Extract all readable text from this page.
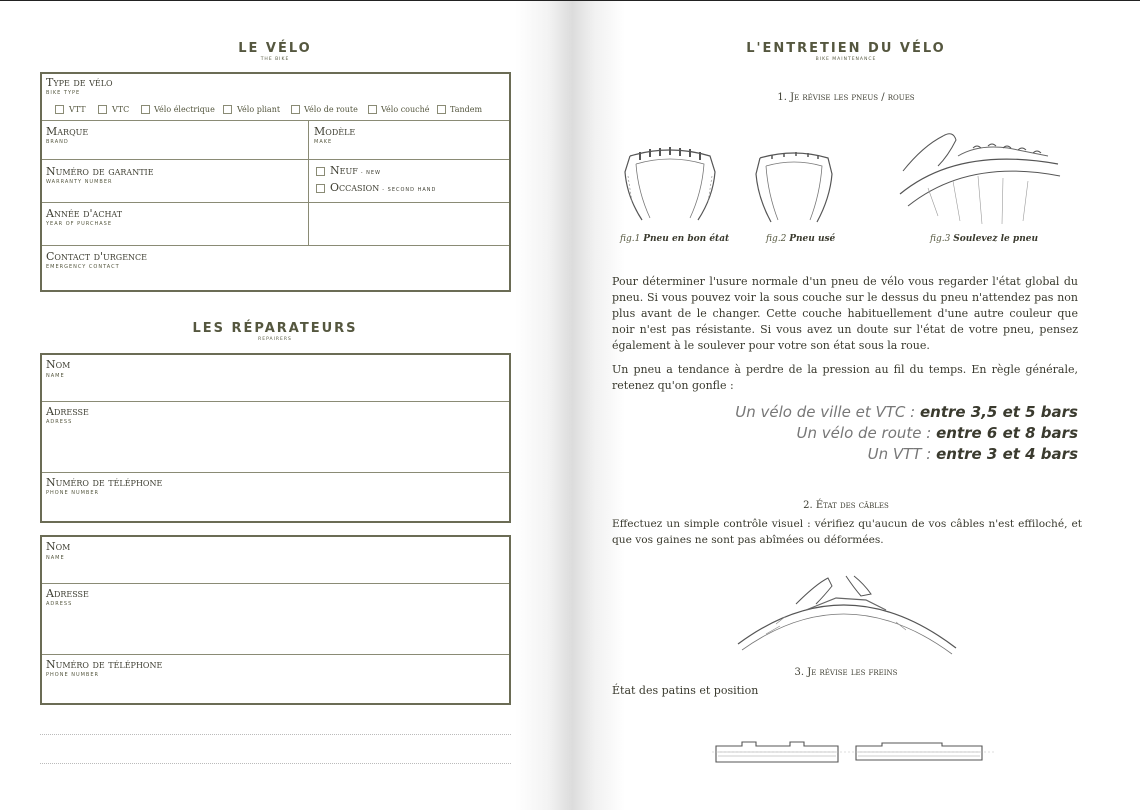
LE VÉLO
THE BIKE
Type de vélo
BIKE TYPE
VTT	VTC	Vélo électrique	Vélo pliant	Vélo de route	Vélo couché	Tandem
Marque
BRAND
Modèle
MAKE
Numéro de garantie
WARRANTY NUMBER
Neuf - NEW
Occasion - SECOND HAND
Année d'achat
YEAR OF PURCHASE
Contact d'urgence
EMERGENCY CONTACT
LES RÉPARATEURS
REPAIRERS
Nom
NAME
Adresse
ADRESS
Numéro de téléphone
PHONE NUMBER
Nom
NAME
Adresse
ADRESS
Numéro de téléphone
PHONE NUMBER
L'ENTRETIEN DU VÉLO
BIKE MAINTENANCE
1. Je révise les pneus / roues
fig.1 Pneu en bon état	fig.2 Pneu usé	fig.3 Soulevez le pneu
Pour déterminer l'usure normale d'un pneu de vélo vous regarder l'état global du pneu. Si vous pouvez voir la sous couche sur le dessus du pneu n'attendez pas non plus avant de le changer. Cette couche habituellement d'une autre couleur que noir n'est pas résistante. Si vous avez un doute sur l'état de votre pneu, pensez également à le soulever pour votre son état sous la roue.
Un pneu a tendance à perdre de la pression au fil du temps. En règle générale, retenez qu'on gonfle :
Un vélo de ville et VTC : entre 3,5 et 5 bars
Un vélo de route : entre 6 et 8 bars
Un VTT : entre 3 et 4 bars
2. État des câbles
Effectuez un simple contrôle visuel : vérifiez qu'aucun de vos câbles n'est effiloché, et que vos gaines ne sont pas abîmées ou déformées.
3. Je révise les freins
État des patins et position
